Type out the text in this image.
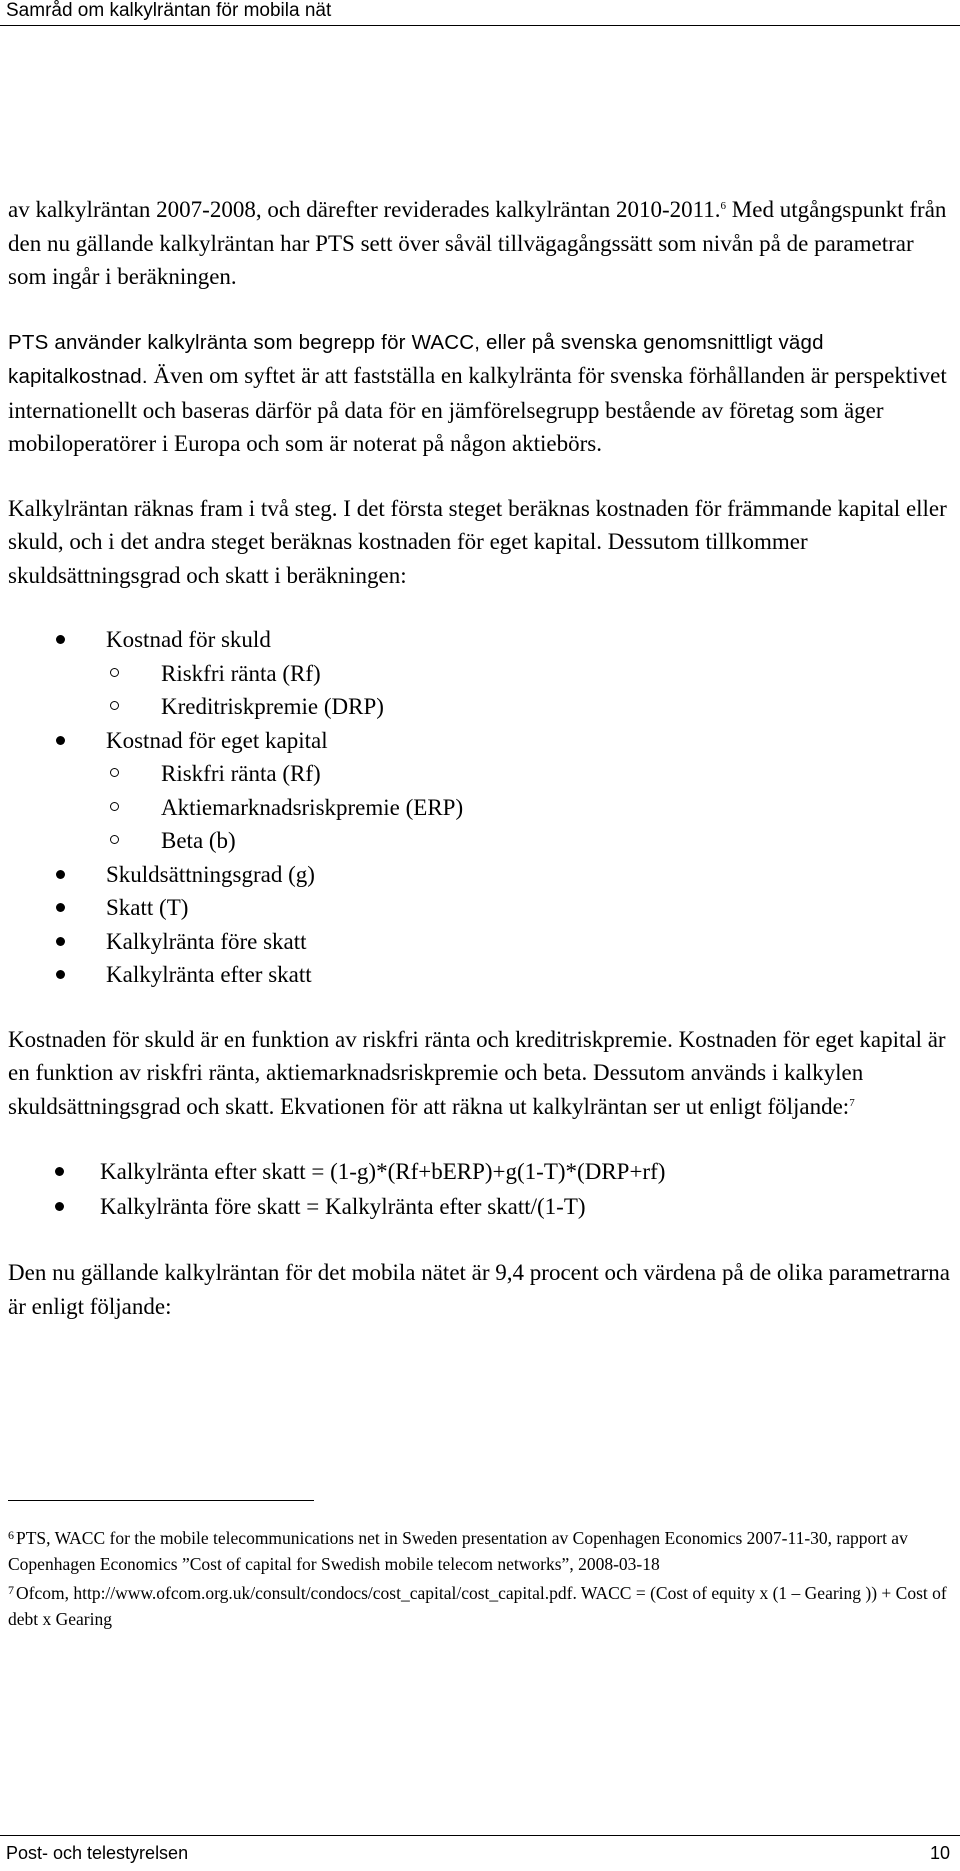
Samråd om kalkylräntan för mobila nät

av kalkylräntan 2007-2008, och därefter reviderades kalkylräntan 2010-2011.$^6$ Med utgångspunkt från den nu gällande kalkylräntan har PTS sett över såväl tillvägagångssätt som nivån på de parametrar som ingår i beräkningen.

PTS använder kalkylränta som begrepp för WACC, eller på svenska genomsnittligt vägd kapitalkostnad. Även om syftet är att fastställa en kalkylränta för svenska förhållanden är perspektivet internationellt och baseras därför på data för en jämförelsegrupp bestående av företag som äger mobiloperatörer i Europa och som är noterat på någon aktiebörs.

Kalkylräntan räknas fram i två steg. I det första steget beräknas kostnaden för främmande kapital eller skuld, och i det andra steget beräknas kostnaden för eget kapital. Dessutom tillkommer skuldsättningsgrad och skatt i beräkningen:

Kostnad för skuld
Riskfri ränta (Rf)
Kreditriskpremie (DRP)
Kostnad för eget kapital
Riskfri ränta (Rf)
Aktiemarknadsriskpremie (ERP)
Beta (b)
Skuldsättningsgrad (g)
Skatt (T)
Kalkylränta före skatt
Kalkylränta efter skatt

Kostnaden för skuld är en funktion av riskfri ränta och kreditriskpremie. Kostnaden för eget kapital är en funktion av riskfri ränta, aktiemarknadsriskpremie och beta. Dessutom används i kalkylen skuldsättningsgrad och skatt. Ekvationen för att räkna ut kalkylräntan ser ut enligt följande:$^7$

Kalkylränta efter skatt = (1-g)*(Rf+bERP)+g(1-T)*(DRP+rf)
Kalkylränta före skatt = Kalkylränta efter skatt/(1-T)

Den nu gällande kalkylräntan för det mobila nätet är 9,4 procent och värdena på de olika parametrarna är enligt följande:

$^6$ PTS, WACC for the mobile telecommunications net in Sweden presentation av Copenhagen Economics 2007-11-30, rapport av Copenhagen Economics ”Cost of capital for Swedish mobile telecom networks”, 2008-03-18

$^7$ Ofcom, http://www.ofcom.org.uk/consult/condocs/cost_capital/cost_capital.pdf. WACC = (Cost of equity x (1 – Gearing )) + Cost of debt x Gearing

Post- och telestyrelsen	10
